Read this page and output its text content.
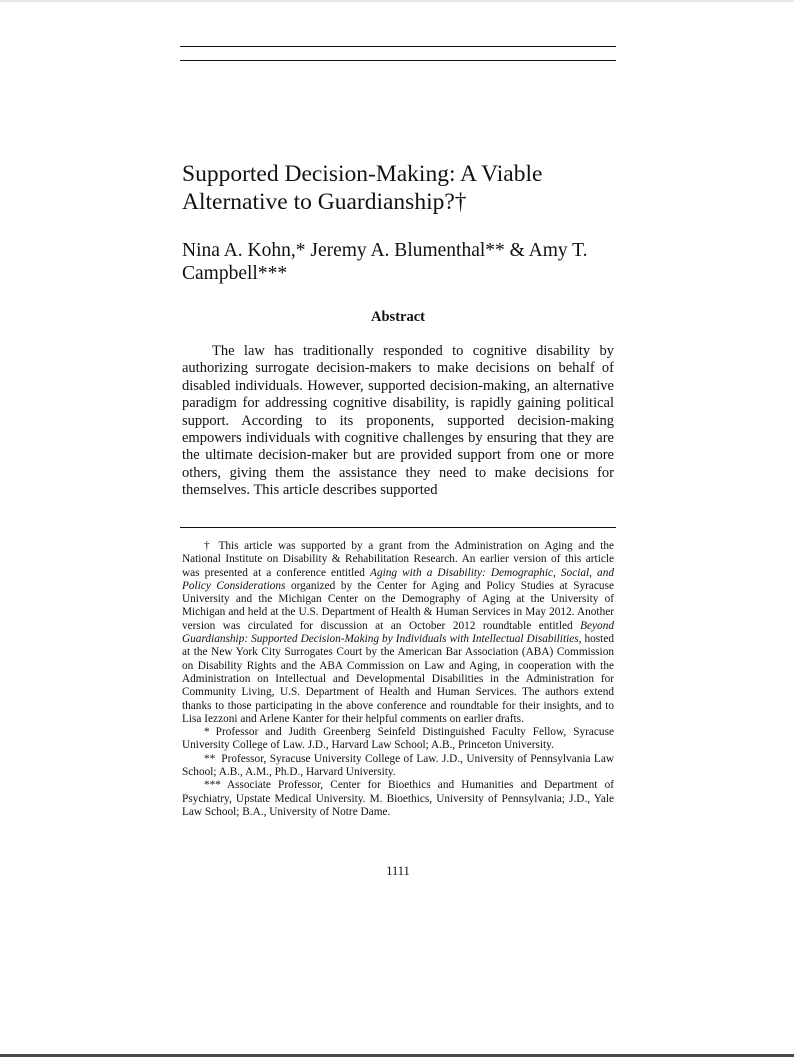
Supported Decision-Making: A Viable Alternative to Guardianship?†

Nina A. Kohn,* Jeremy A. Blumenthal** & Amy T. Campbell***

Abstract

The law has traditionally responded to cognitive disability by authorizing surrogate decision-makers to make decisions on behalf of disabled individuals. However, supported decision-making, an alternative paradigm for addressing cognitive disability, is rapidly gaining political support. According to its proponents, supported decision-making empowers individuals with cognitive challenges by ensuring that they are the ultimate decision-maker but are provided support from one or more others, giving them the assistance they need to make decisions for themselves. This article describes supported

† This article was supported by a grant from the Administration on Aging and the National Institute on Disability & Rehabilitation Research. An earlier version of this article was presented at a conference entitled Aging with a Disability: Demographic, Social, and Policy Considerations organized by the Center for Aging and Policy Studies at Syracuse University and the Michigan Center on the Demography of Aging at the University of Michigan and held at the U.S. Department of Health & Human Services in May 2012. Another version was circulated for discussion at an October 2012 roundtable entitled Beyond Guardianship: Supported Decision-Making by Individuals with Intellectual Disabilities, hosted at the New York City Surrogates Court by the American Bar Association (ABA) Commission on Disability Rights and the ABA Commission on Law and Aging, in cooperation with the Administration on Intellectual and Developmental Disabilities in the Administration for Community Living, U.S. Department of Health and Human Services. The authors extend thanks to those participating in the above conference and roundtable for their insights, and to Lisa Iezzoni and Arlene Kanter for their helpful comments on earlier drafts.

* Professor and Judith Greenberg Seinfeld Distinguished Faculty Fellow, Syracuse University College of Law. J.D., Harvard Law School; A.B., Princeton University.

** Professor, Syracuse University College of Law. J.D., University of Pennsylvania Law School; A.B., A.M., Ph.D., Harvard University.

*** Associate Professor, Center for Bioethics and Humanities and Department of Psychiatry, Upstate Medical University. M. Bioethics, University of Pennsylvania; J.D., Yale Law School; B.A., University of Notre Dame.

1111
